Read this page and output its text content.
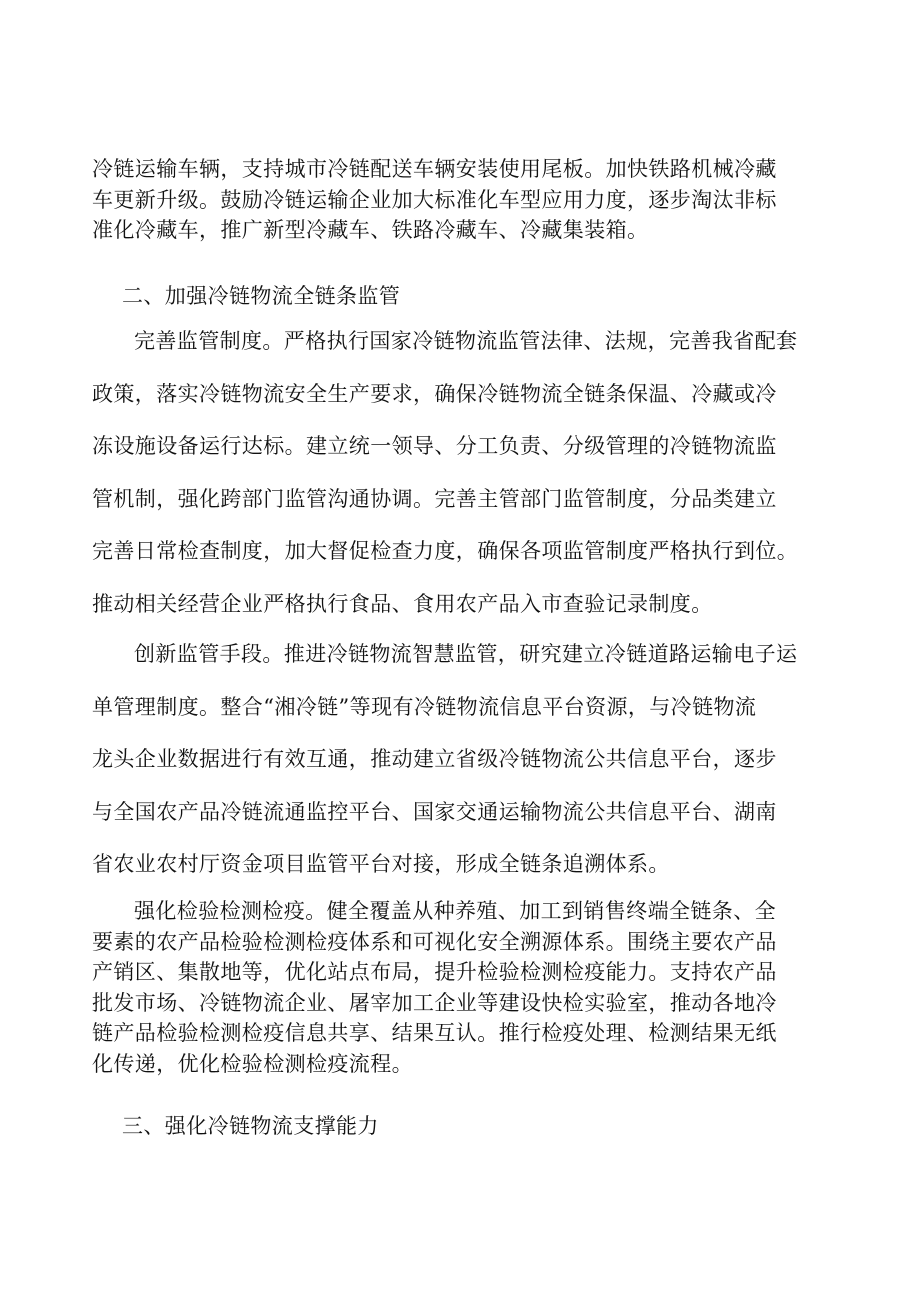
冷链运输车辆，支持城市冷链配送车辆安装使用尾板。加快铁路机械冷藏
车更新升级。鼓励冷链运输企业加大标准化车型应用力度，逐步淘汰非标
准化冷藏车，推广新型冷藏车、铁路冷藏车、冷藏集装箱。
二、加强冷链物流全链条监管
完善监管制度。严格执行国家冷链物流监管法律、法规，完善我省配套
政策，落实冷链物流安全生产要求，确保冷链物流全链条保温、冷藏或冷
冻设施设备运行达标。建立统一领导、分工负责、分级管理的冷链物流监
管机制，强化跨部门监管沟通协调。完善主管部门监管制度，分品类建立
完善日常检查制度，加大督促检查力度，确保各项监管制度严格执行到位。
推动相关经营企业严格执行食品、食用农产品入市查验记录制度。
创新监管手段。推进冷链物流智慧监管，研究建立冷链道路运输电子运
单管理制度。整合“湘冷链”等现有冷链物流信息平台资源，与冷链物流
龙头企业数据进行有效互通，推动建立省级冷链物流公共信息平台，逐步
与全国农产品冷链流通监控平台、国家交通运输物流公共信息平台、湖南
省农业农村厅资金项目监管平台对接，形成全链条追溯体系。
强化检验检测检疫。健全覆盖从种养殖、加工到销售终端全链条、全
要素的农产品检验检测检疫体系和可视化安全溯源体系。围绕主要农产品
产销区、集散地等，优化站点布局，提升检验检测检疫能力。支持农产品
批发市场、冷链物流企业、屠宰加工企业等建设快检实验室，推动各地冷
链产品检验检测检疫信息共享、结果互认。推行检疫处理、检测结果无纸
化传递，优化检验检测检疫流程。
三、强化冷链物流支撑能力
